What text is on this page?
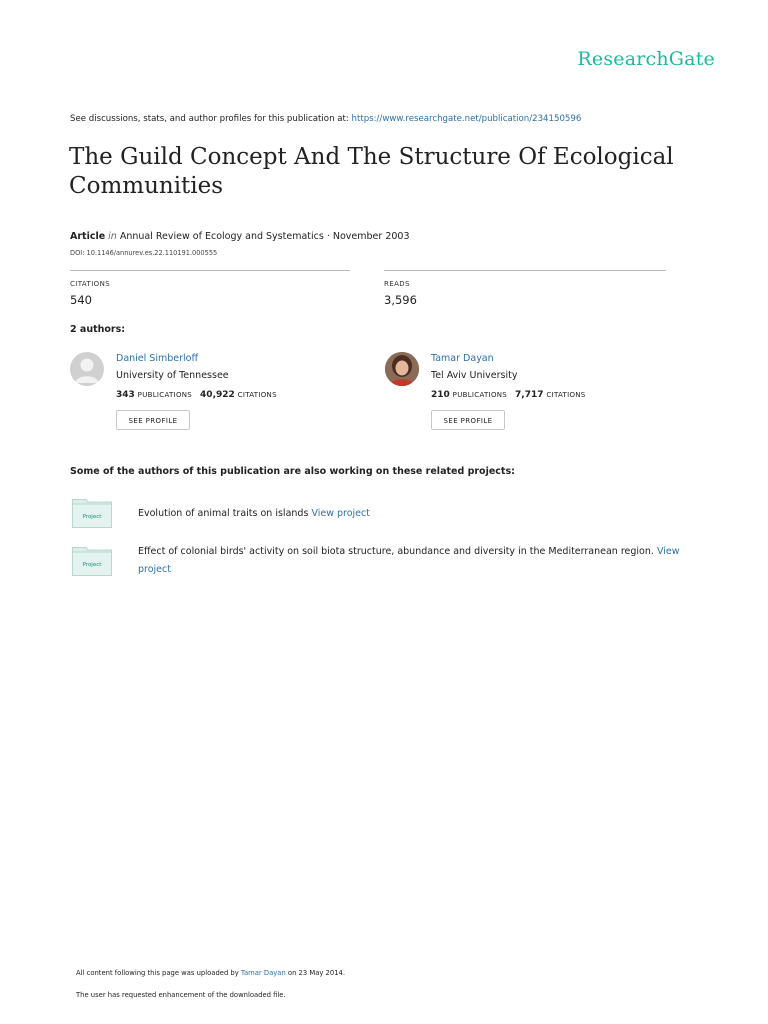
ResearchGate
See discussions, stats, and author profiles for this publication at: https://www.researchgate.net/publication/234150596
The Guild Concept And The Structure Of Ecological Communities
Article in Annual Review of Ecology and Systematics · November 2003
DOI: 10.1146/annurev.es.22.110191.000555
CITATIONS
540
READS
3,596
2 authors:
Daniel Simberloff
University of Tennessee
343 PUBLICATIONS 40,922 CITATIONS
SEE PROFILE
Tamar Dayan
Tel Aviv University
210 PUBLICATIONS 7,717 CITATIONS
SEE PROFILE
Some of the authors of this publication are also working on these related projects:
Project	Evolution of animal traits on islands View project
Project
Effect of colonial birds' activity on soil biota structure, abundance and diversity in the Mediterranean region. View project
All content following this page was uploaded by Tamar Dayan on 23 May 2014.
The user has requested enhancement of the downloaded file.
